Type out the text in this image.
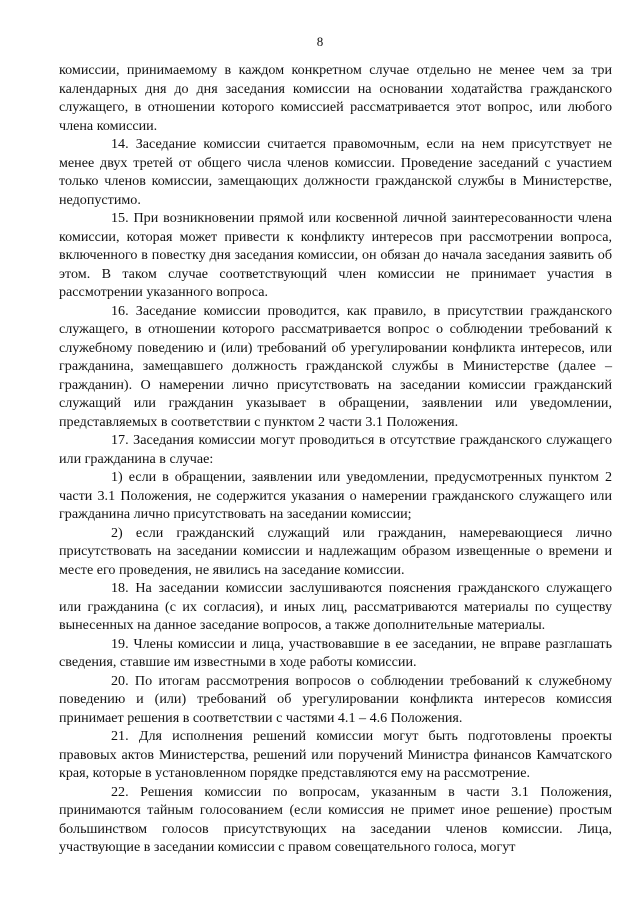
8

комиссии, принимаемому в каждом конкретном случае отдельно не менее чем за три календарных дня до дня заседания комиссии на основании ходатайства гражданского служащего, в отношении которого комиссией рассматривается этот вопрос, или любого члена комиссии.

14. Заседание комиссии считается правомочным, если на нем присутствует не менее двух третей от общего числа членов комиссии. Проведение заседаний с участием только членов комиссии, замещающих должности гражданской службы в Министерстве, недопустимо.

15. При возникновении прямой или косвенной личной заинтересованности члена комиссии, которая может привести к конфликту интересов при рассмотрении вопроса, включенного в повестку дня заседания комиссии, он обязан до начала заседания заявить об этом. В таком случае соответствующий член комиссии не принимает участия в рассмотрении указанного вопроса.

16. Заседание комиссии проводится, как правило, в присутствии гражданского служащего, в отношении которого рассматривается вопрос о соблюдении требований к служебному поведению и (или) требований об урегулировании конфликта интересов, или гражданина, замещавшего должность гражданской службы в Министерстве (далее – гражданин). О намерении лично присутствовать на заседании комиссии гражданский служащий или гражданин указывает в обращении, заявлении или уведомлении, представляемых в соответствии с пунктом 2 части 3.1 Положения.

17. Заседания комиссии могут проводиться в отсутствие гражданского служащего или гражданина в случае:

1) если в обращении, заявлении или уведомлении, предусмотренных пунктом 2 части 3.1 Положения, не содержится указания о намерении гражданского служащего или гражданина лично присутствовать на заседании комиссии;

2) если гражданский служащий или гражданин, намеревающиеся лично присутствовать на заседании комиссии и надлежащим образом извещенные о времени и месте его проведения, не явились на заседание комиссии.

18. На заседании комиссии заслушиваются пояснения гражданского служащего или гражданина (с их согласия), и иных лиц, рассматриваются материалы по существу вынесенных на данное заседание вопросов, а также дополнительные материалы.

19. Члены комиссии и лица, участвовавшие в ее заседании, не вправе разглашать сведения, ставшие им известными в ходе работы комиссии.

20. По итогам рассмотрения вопросов о соблюдении требований к служебному поведению и (или) требований об урегулировании конфликта интересов комиссия принимает решения в соответствии с частями 4.1 – 4.6 Положения.

21. Для исполнения решений комиссии могут быть подготовлены проекты правовых актов Министерства, решений или поручений Министра финансов Камчатского края, которые в установленном порядке представляются ему на рассмотрение.

22. Решения комиссии по вопросам, указанным в части 3.1 Положения, принимаются тайным голосованием (если комиссия не примет иное решение) простым большинством голосов присутствующих на заседании членов комиссии. Лица, участвующие в заседании комиссии с правом совещательного голоса, могут
